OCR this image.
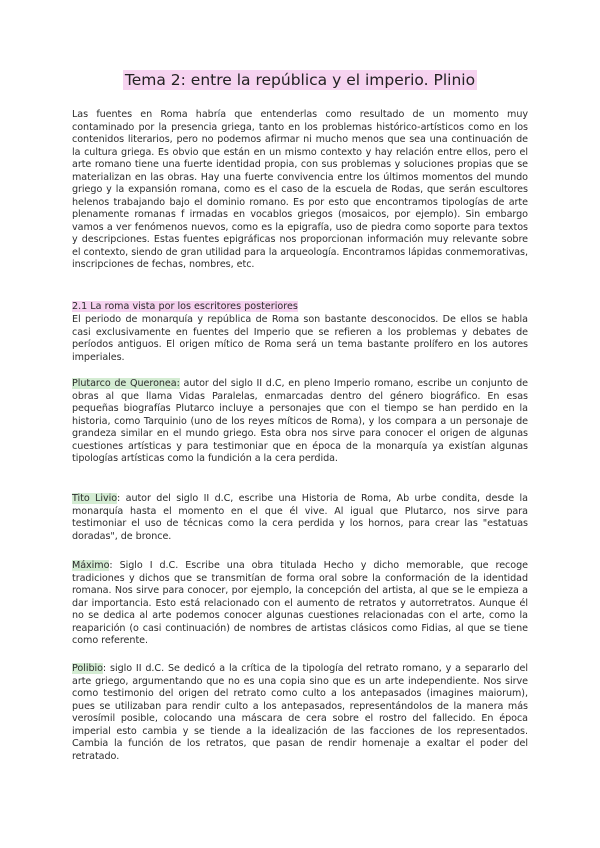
Tema 2: entre la república y el imperio. Plinio

Las fuentes en Roma habría que entenderlas como resultado de un momento muy contaminado por la presencia griega, tanto en los problemas histórico-artísticos como en los contenidos literarios, pero no podemos afirmar ni mucho menos que sea una continuación de la cultura griega. Es obvio que están en un mismo contexto y hay relación entre ellos, pero el arte romano tiene una fuerte identidad propia, con sus problemas y soluciones propias que se materializan en las obras. Hay una fuerte convivencia entre los últimos momentos del mundo griego y la expansión romana, como es el caso de la escuela de Rodas, que serán escultores helenos trabajando bajo el dominio romano. Es por esto que encontramos tipologías de arte plenamente romanas f irmadas en vocablos griegos (mosaicos, por ejemplo). Sin embargo vamos a ver fenómenos nuevos, como es la epigrafía, uso de piedra como soporte para textos y descripciones. Estas fuentes epigráficas nos proporcionan información muy relevante sobre el contexto, siendo de gran utilidad para la arqueología. Encontramos lápidas conmemorativas, inscripciones de fechas, nombres, etc.

2.1 La roma vista por los escritores posteriores

El periodo de monarquía y república de Roma son bastante desconocidos. De ellos se habla casi exclusivamente en fuentes del Imperio que se refieren a los problemas y debates de períodos antiguos. El origen mítico de Roma será un tema bastante prolífero en los autores imperiales.

Plutarco de Queronea: autor del siglo II d.C, en pleno Imperio romano, escribe un conjunto de obras al que llama Vidas Paralelas, enmarcadas dentro del género biográfico. En esas pequeñas biografías Plutarco incluye a personajes que con el tiempo se han perdido en la historia, como Tarquinio (uno de los reyes míticos de Roma), y los compara a un personaje de grandeza similar en el mundo griego. Esta obra nos sirve para conocer el origen de algunas cuestiones artísticas y para testimoniar que en época de la monarquía ya existían algunas tipologías artísticas como la fundición a la cera perdida.

Tito Livio: autor del siglo II d.C, escribe una Historia de Roma, Ab urbe condita, desde la monarquía hasta el momento en el que él vive. Al igual que Plutarco, nos sirve para testimoniar el uso de técnicas como la cera perdida y los hornos, para crear las "estatuas doradas", de bronce.

Máximo: Siglo I d.C. Escribe una obra titulada Hecho y dicho memorable, que recoge tradiciones y dichos que se transmitían de forma oral sobre la conformación de la identidad romana. Nos sirve para conocer, por ejemplo, la concepción del artista, al que se le empieza a dar importancia. Esto está relacionado con el aumento de retratos y autorretratos. Aunque él no se dedica al arte podemos conocer algunas cuestiones relacionadas con el arte, como la reaparición (o casi continuación) de nombres de artistas clásicos como Fidias, al que se tiene como referente.

Polibio: siglo II d.C. Se dedicó a la crítica de la tipología del retrato romano, y a separarlo del arte griego, argumentando que no es una copia sino que es un arte independiente. Nos sirve como testimonio del origen del retrato como culto a los antepasados (imagines maiorum), pues se utilizaban para rendir culto a los antepasados, representándolos de la manera más verosímil posible, colocando una máscara de cera sobre el rostro del fallecido. En época imperial esto cambia y se tiende a la idealización de las facciones de los representados. Cambia la función de los retratos, que pasan de rendir homenaje a exaltar el poder del retratado.
